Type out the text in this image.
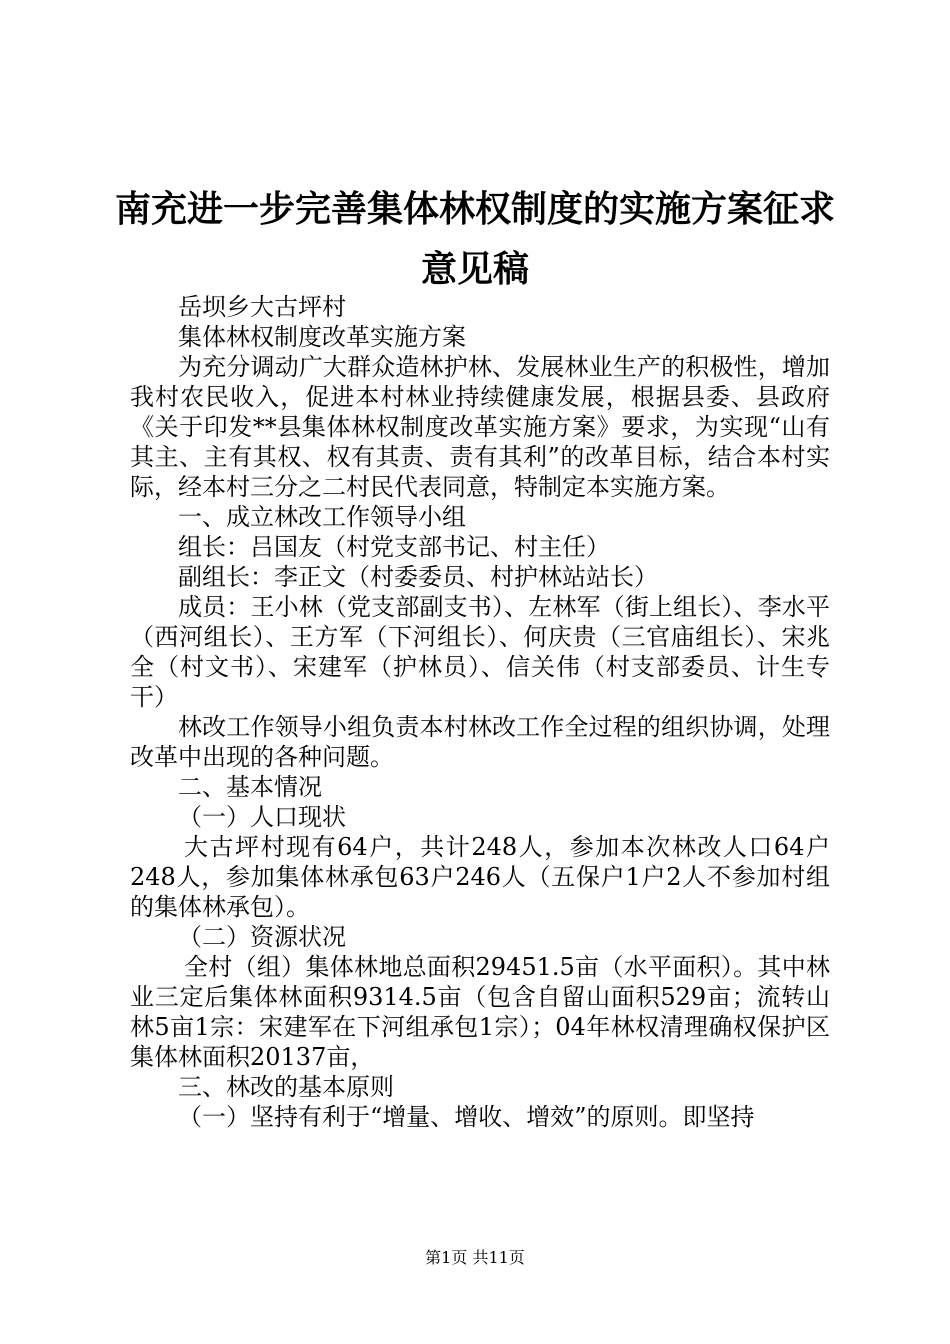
南充进一步完善集体林权制度的实施方案征求
意见稿

岳坝乡大古坪村

集体林权制度改革实施方案

为充分调动广大群众造林护林、发展林业生产的积极性，增加我村农民收入，促进本村林业持续健康发展，根据县委、县政府《关于印发**县集体林权制度改革实施方案》要求，为实现“山有其主、主有其权、权有其责、责有其利”的改革目标，结合本村实际，经本村三分之二村民代表同意，特制定本实施方案。

一、成立林改工作领导小组

组长：吕国友（村党支部书记、村主任）

副组长：李正文（村委委员、村护林站站长）

成员：王小林（党支部副支书）、左林军（街上组长）、李水平（西河组长）、王方军（下河组长）、何庆贵（三官庙组长）、宋兆全（村文书）、宋建军（护林员）、信关伟（村支部委员、计生专干）

林改工作领导小组负责本村林改工作全过程的组织协调，处理改革中出现的各种问题。

二、基本情况

（一）人口现状

大古坪村现有64户，共计248人，参加本次林改人口64户248人，参加集体林承包63户246人（五保户1户2人不参加村组的集体林承包）。

（二）资源状况

全村（组）集体林地总面积29451.5亩（水平面积）。其中林业三定后集体林面积9314.5亩（包含自留山面积529亩；流转山林5亩1宗：宋建军在下河组承包1宗）；04年林权清理确权保护区集体林面积20137亩，

三、林改的基本原则

（一）坚持有利于“增量、增收、增效”的原则。即坚持

第1页 共11页
